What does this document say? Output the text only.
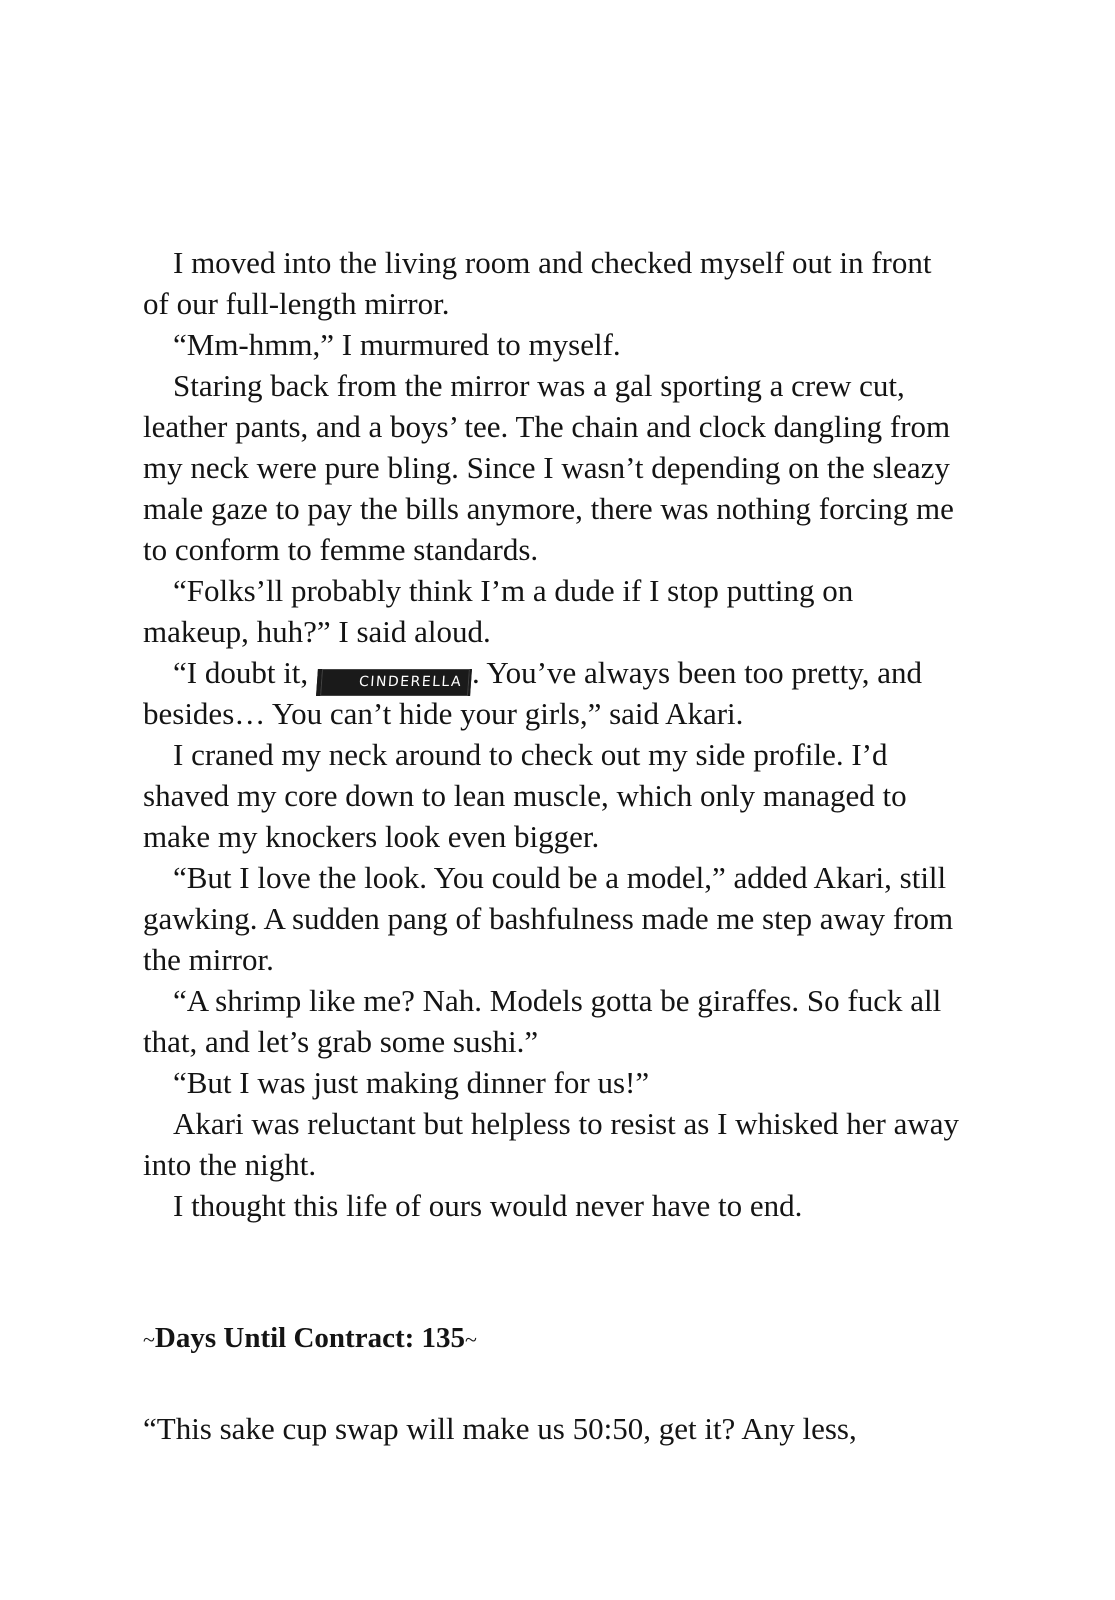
I moved into the living room and checked myself out in front of our full-length mirror.

“Mm-hmm,” I murmured to myself.

Staring back from the mirror was a gal sporting a crew cut, leather pants, and a boys’ tee. The chain and clock dangling from my neck were pure bling. Since I wasn’t depending on the sleazy male gaze to pay the bills anymore, there was nothing forcing me to conform to femme standards.

“Folks’ll probably think I’m a dude if I stop putting on makeup, huh?” I said aloud.

“I doubt it,	CINDERELLA . You’ve always been too pretty, and besides… You can’t hide your girls,” said Akari.

I craned my neck around to check out my side profile. I’d shaved my core down to lean muscle, which only managed to make my knockers look even bigger.

“But I love the look. You could be a model,” added Akari, still gawking. A sudden pang of bashfulness made me step away from the mirror.

“A shrimp like me? Nah. Models gotta be giraffes. So fuck all that, and let’s grab some sushi.”

“But I was just making dinner for us!”

Akari was reluctant but helpless to resist as I whisked her away into the night.

I thought this life of ours would never have to end.

~Days Until Contract: 135~

“This sake cup swap will make us 50:50, get it? Any less,
